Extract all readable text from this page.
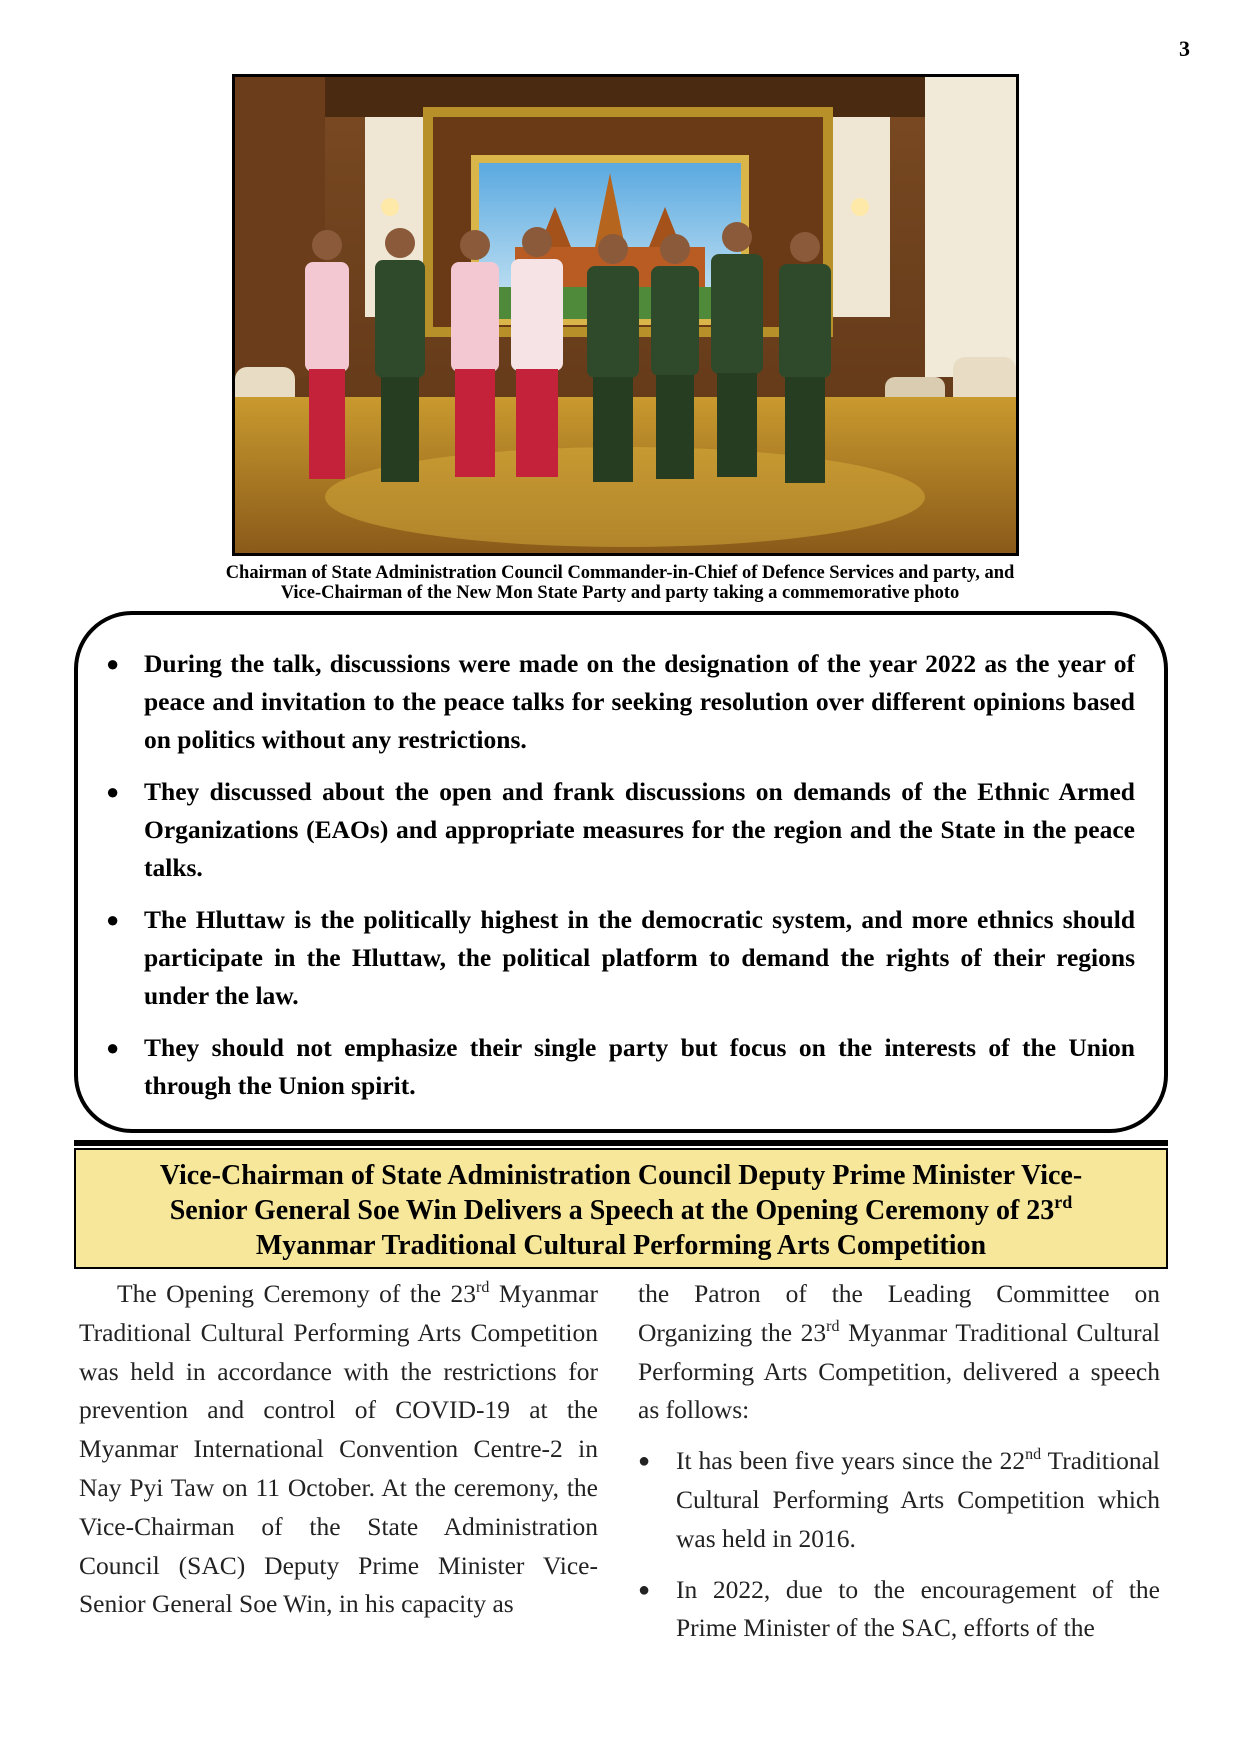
3
Chairman of State Administration Council Commander-in-Chief of Defence Services and party, and
Vice-Chairman of the New Mon State Party and party taking a commemorative photo
● During the talk, discussions were made on the designation of the year 2022 as the year of peace and invitation to the peace talks for seeking resolution over different opinions based on politics without any restrictions.
● They discussed about the open and frank discussions on demands of the Ethnic Armed Organizations (EAOs) and appropriate measures for the region and the State in the peace talks.
● The Hluttaw is the politically highest in the democratic system, and more ethnics should participate in the Hluttaw, the political platform to demand the rights of their regions under the law.
● They should not emphasize their single party but focus on the interests of the Union through the Union spirit.
Vice-Chairman of State Administration Council Deputy Prime Minister Vice-
Senior General Soe Win Delivers a Speech at the Opening Ceremony of 23rd
Myanmar Traditional Cultural Performing Arts Competition

The Opening Ceremony of the 23rd Myanmar Traditional Cultural Performing Arts Competition was held in accordance with the restrictions for prevention and control of COVID-19 at the Myanmar International Convention Centre-2 in Nay Pyi Taw on 11 October. At the ceremony, the Vice-Chairman of the State Administration Council (SAC) Deputy Prime Minister Vice-Senior General Soe Win, in his capacity as

the Patron of the Leading Committee on Organizing the 23rd Myanmar Traditional Cultural Performing Arts Competition, delivered a speech as follows:

● It has been five years since the 22nd Traditional Cultural Performing Arts Competition which was held in 2016.
● In 2022, due to the encouragement of the Prime Minister of the SAC, efforts of the
